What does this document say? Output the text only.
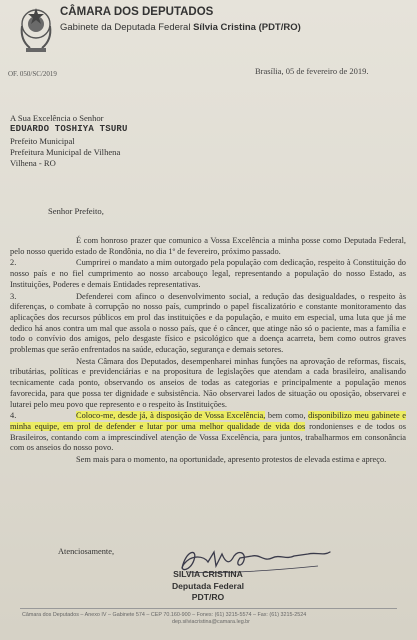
CÂMARA DOS DEPUTADOS
Gabinete da Deputada Federal Sílvia Cristina (PDT/RO)
OF. 050/SC/2019	Brasília, 05 de fevereiro de 2019.
A Sua Excelência o Senhor
EDUARDO TOSHIYA TSURU
Prefeito Municipal
Prefeitura Municipal de Vilhena
Vilhena - RO
Senhor Prefeito,

É com honroso prazer que comunico a Vossa Excelência a minha posse como Deputada Federal, pelo nosso querido estado de Rondônia, no dia 1º de fevereiro, próximo passado.

2.	Cumprirei o mandato a mim outorgado pela população com dedicação, respeito à Constituição do nosso país e no fiel cumprimento ao nosso arcabouço legal, representando a população do nosso Estado, as Instituições, Poderes e demais Entidades representativas.

3.	Defenderei com afinco o desenvolvimento social, a redução das desigualdades, o respeito às diferenças, o combate à corrupção no nosso país, cumprindo o papel fiscalizatório e constante monitoramento das aplicações dos recursos públicos em prol das instituições e da população, e muito em especial, uma luta que já me dedico há anos contra um mal que assola o nosso país, que é o câncer, que atinge não só o paciente, mas a família e todo o convívio dos amigos, pelo desgaste físico e psicológico que a doença acarreta, bem como outros graves problemas que serão enfrentados na saúde, educação, segurança e demais setores.

Nesta Câmara dos Deputados, desempenharei minhas funções na aprovação de reformas, fiscais, tributárias, políticas e previdenciárias e na propositura de legislações que atendam a cada brasileiro, analisando tecnicamente cada ponto, observando os anseios de todas as categorias e principalmente a população menos favorecida, para que possa ter dignidade e subsistência. Não observarei lados de situação ou oposição, observarei e lutarei pelo meu povo que represento e o respeito às Instituições.

4.	Coloco-me, desde já, à disposição de Vossa Excelência, bem como, disponibilizo meu gabinete e minha equipe, em prol de defender e lutar por uma melhor qualidade de vida dos rondonienses e de todos os Brasileiros, contando com a imprescindível atenção de Vossa Excelência, para juntos, trabalharmos em consonância com os anseios do nosso povo.

Sem mais para o momento, na oportunidade, apresento protestos de elevada estima e apreço.

Atenciosamente,
SILVIA CRISTINA
Deputada Federal
PDT/RO
Câmara dos Deputados – Anexo IV – Gabinete 574 – CEP 70.160-900 – Fones: (61) 3215-5574 – Fax: (61) 3215-2524
dep.silviacristina@camara.leg.br
